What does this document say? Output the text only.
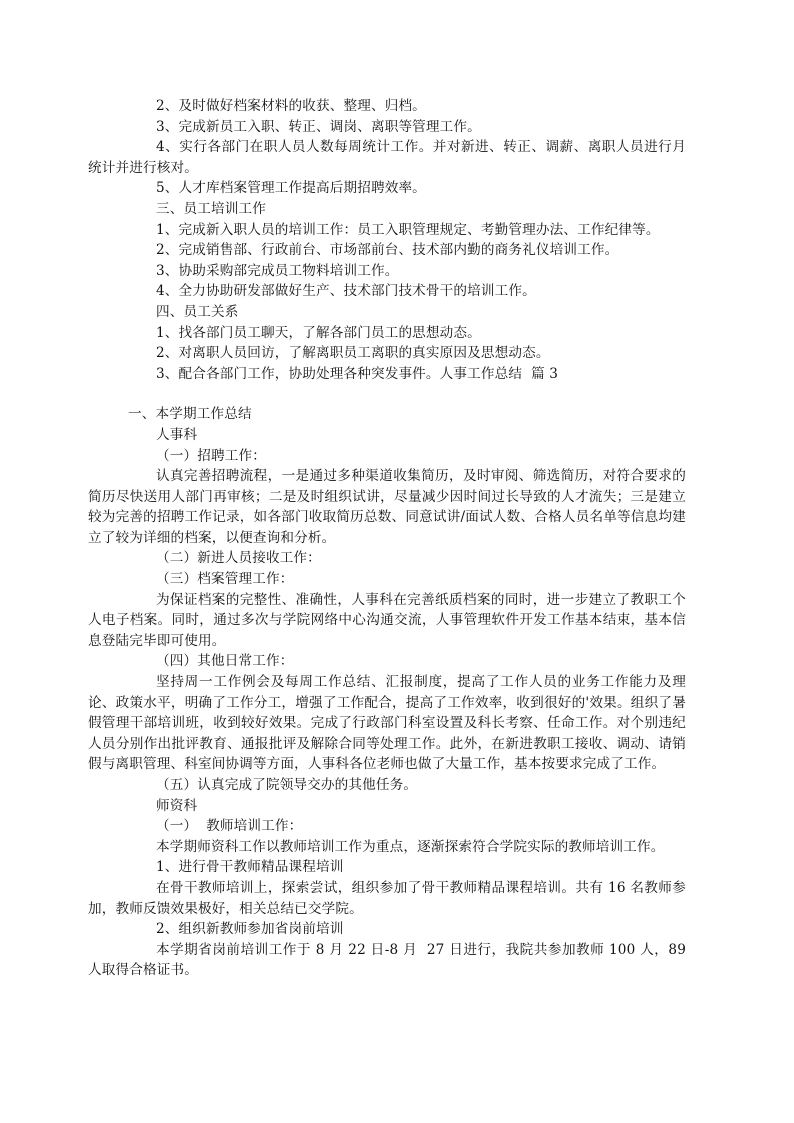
2、及时做好档案材料的收获、整理、归档。

3、完成新员工入职、转正、调岗、离职等管理工作。

4、实行各部门在职人员人数每周统计工作。并对新进、转正、调薪、离职人员进行月统计并进行核对。

5、人才库档案管理工作提高后期招聘效率。

三、员工培训工作

1、完成新入职人员的培训工作：员工入职管理规定、考勤管理办法、工作纪律等。

2、完成销售部、行政前台、市场部前台、技术部内勤的商务礼仪培训工作。

3、协助采购部完成员工物料培训工作。

4、全力协助研发部做好生产、技术部门技术骨干的培训工作。

四、员工关系

1、找各部门员工聊天，了解各部门员工的思想动态。

2、对离职人员回访，了解离职员工离职的真实原因及思想动态。

3、配合各部门工作，协助处理各种突发事件。人事工作总结  篇 3

一、本学期工作总结

人事科

（一）招聘工作：

认真完善招聘流程，一是通过多种渠道收集简历，及时审阅、筛选简历，对符合要求的简历尽快送用人部门再审核；二是及时组织试讲，尽量减少因时间过长导致的人才流失；三是建立较为完善的招聘工作记录，如各部门收取简历总数、同意试讲/面试人数、合格人员名单等信息均建立了较为详细的档案，以便查询和分析。

（二）新进人员接收工作：

（三）档案管理工作：

为保证档案的完整性、准确性，人事科在完善纸质档案的同时，进一步建立了教职工个人电子档案。同时，通过多次与学院网络中心沟通交流，人事管理软件开发工作基本结束，基本信息登陆完毕即可使用。

（四）其他日常工作：

坚持周一工作例会及每周工作总结、汇报制度，提高了工作人员的业务工作能力及理论、政策水平，明确了工作分工，增强了工作配合，提高了工作效率，收到很好的'效果。组织了暑假管理干部培训班，收到较好效果。完成了行政部门科室设置及科长考察、任命工作。对个别违纪人员分别作出批评教育、通报批评及解除合同等处理工作。此外，在新进教职工接收、调动、请销假与离职管理、科室间协调等方面，人事科各位老师也做了大量工作，基本按要求完成了工作。

（五）认真完成了院领导交办的其他任务。

师资科

（一）  教师培训工作：

本学期师资科工作以教师培训工作为重点，逐渐探索符合学院实际的教师培训工作。

1、进行骨干教师精品课程培训

在骨干教师培训上，探索尝试，组织参加了骨干教师精品课程培训。共有 16 名教师参加，教师反馈效果极好，相关总结已交学院。

2、组织新教师参加省岗前培训

本学期省岗前培训工作于 8 月 22 日-8 月  27 日进行，我院共参加教师 100 人，89 人取得合格证书。
